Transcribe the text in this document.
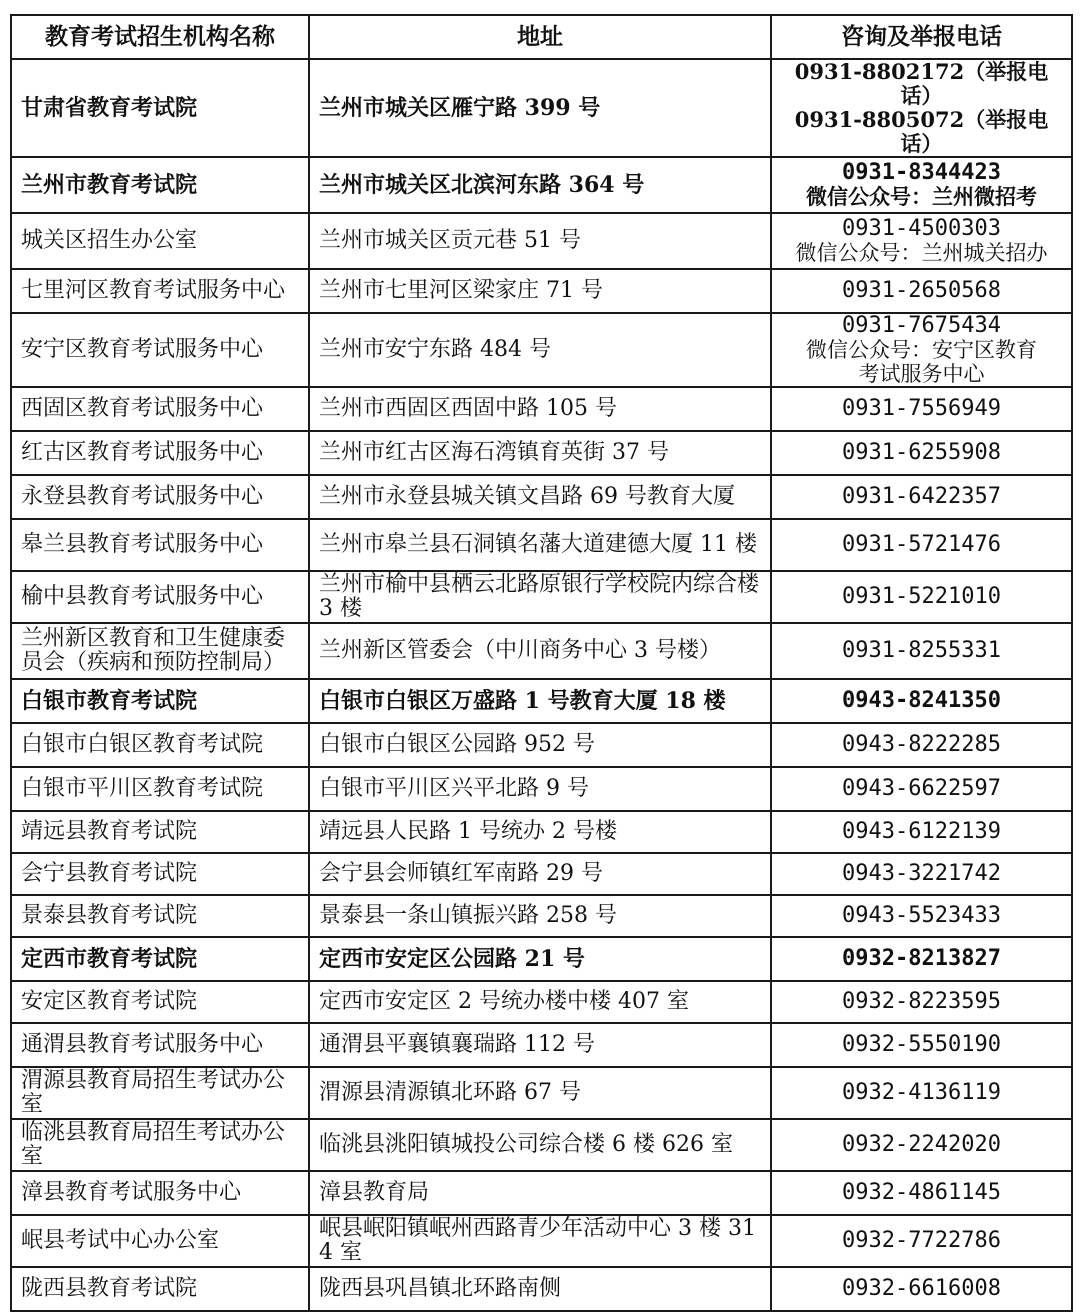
教育考试招生机构名称	地址	咨询及举报电话
甘肃省教育考试院	兰州市城关区雁宁路 399 号	0931-8802172（举报电话）
0931-8805072（举报电话）

兰州市教育考试院	兰州市城关区北滨河东路 364 号	0931-8344423
微信公众号：兰州微招考

城关区招生办公室	兰州市城关区贡元巷 51 号	0931-4500303
微信公众号：兰州城关招办

七里河区教育考试服务中心	兰州市七里河区梁家庄 71 号	0931-2650568

安宁区教育考试服务中心	兰州市安宁东路 484 号	0931-7675434
微信公众号：安宁区教育
考试服务中心

西固区教育考试服务中心	兰州市西固区西固中路 105 号	0931-7556949

红古区教育考试服务中心	兰州市红古区海石湾镇育英街 37 号	0931-6255908

永登县教育考试服务中心	兰州市永登县城关镇文昌路 69 号教育大厦	0931-6422357

皋兰县教育考试服务中心	兰州市皋兰县石洞镇名藩大道建德大厦 11 楼	0931-5721476

榆中县教育考试服务中心	兰州市榆中县栖云北路原银行学校院内综合楼 3 楼	0931-5221010

兰州新区教育和卫生健康委员会（疾病和预防控制局）	兰州新区管委会（中川商务中心 3 号楼）	0931-8255331

白银市教育考试院	白银市白银区万盛路 1 号教育大厦 18 楼	0943-8241350

白银市白银区教育考试院	白银市白银区公园路 952 号	0943-8222285

白银市平川区教育考试院	白银市平川区兴平北路 9 号	0943-6622597

靖远县教育考试院	靖远县人民路 1 号统办 2 号楼	0943-6122139

会宁县教育考试院	会宁县会师镇红军南路 29 号	0943-3221742

景泰县教育考试院	景泰县一条山镇振兴路 258 号	0943-5523433

定西市教育考试院	定西市安定区公园路 21 号	0932-8213827

安定区教育考试院	定西市安定区 2 号统办楼中楼 407 室	0932-8223595

通渭县教育考试服务中心	通渭县平襄镇襄瑞路 112 号	0932-5550190

渭源县教育局招生考试办公室	渭源县清源镇北环路 67 号	0932-4136119

临洮县教育局招生考试办公室	临洮县洮阳镇城投公司综合楼 6 楼 626 室	0932-2242020

漳县教育考试服务中心	漳县教育局	0932-4861145

岷县考试中心办公室	岷县岷阳镇岷州西路青少年活动中心 3 楼 314 室	0932-7722786

陇西县教育考试院	陇西县巩昌镇北环路南侧	0932-6616008
